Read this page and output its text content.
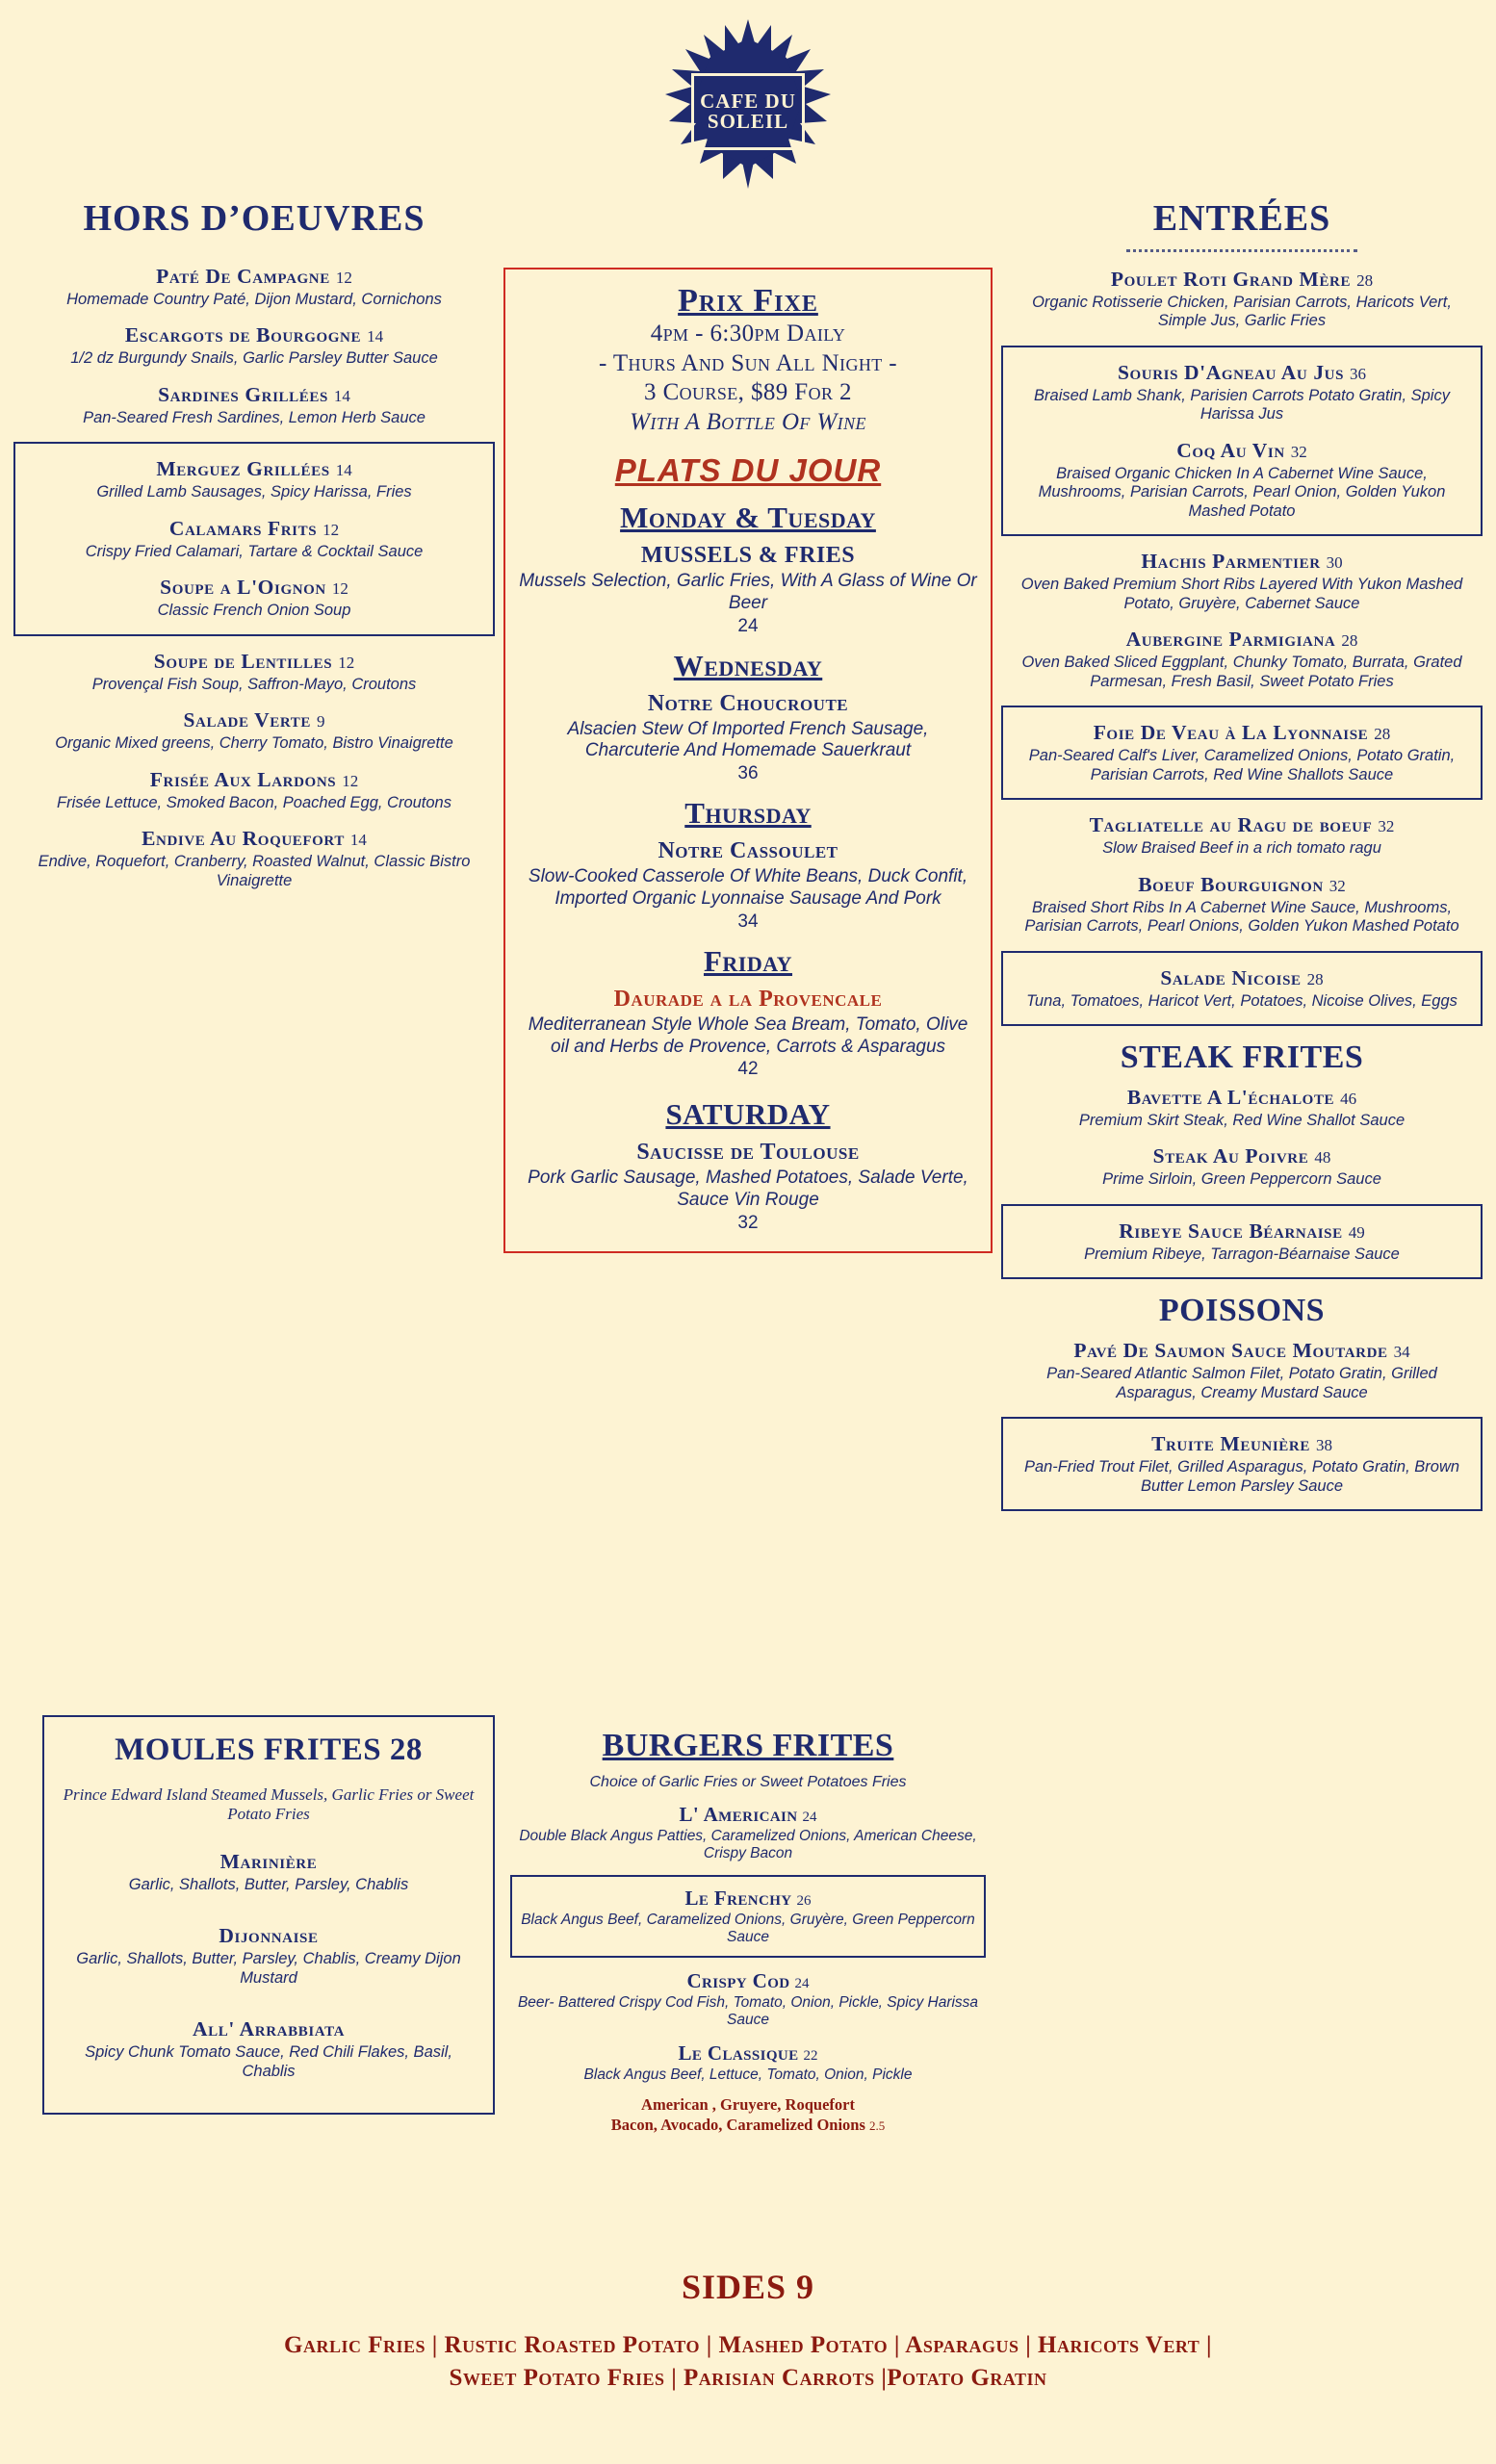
CAFE DU
SOLEIL
HORS D’OEUVRES
Paté De Campagne 12
Homemade Country Paté, Dijon Mustard, Cornichons
Escargots de Bourgogne 14
1/2 dz Burgundy Snails, Garlic Parsley Butter Sauce
Sardines Grillées 14
Pan-Seared Fresh Sardines, Lemon Herb Sauce
Merguez Grillées 14
Grilled Lamb Sausages, Spicy Harissa, Fries
Calamars Frits 12
Crispy Fried Calamari, Tartare & Cocktail Sauce
Soupe a L'Oignon 12
Classic French Onion Soup
Soupe de Lentilles 12
Provençal Fish Soup, Saffron-Mayo, Croutons
Salade Verte 9
Organic Mixed greens, Cherry Tomato, Bistro Vinaigrette
Frisée Aux Lardons 12
Frisée Lettuce, Smoked Bacon, Poached Egg, Croutons
Endive Au Roquefort 14
Endive, Roquefort, Cranberry, Roasted Walnut, Classic Bistro Vinaigrette
Prix Fixe
4pm - 6:30pm Daily
- Thurs And Sun All Night -
3 Course, $89 For 2
With A Bottle Of Wine
PLATS DU JOUR
Monday & Tuesday
MUSSELS & FRIES
Mussels Selection, Garlic Fries, With A Glass of Wine Or Beer
24
Wednesday
Notre Choucroute
Alsacien Stew Of Imported French Sausage, Charcuterie And Homemade Sauerkraut
36
Thursday
Notre Cassoulet
Slow-Cooked Casserole Of White Beans, Duck Confit, Imported Organic Lyonnaise Sausage And Pork
34
Friday
Daurade a la Provencale
Mediterranean Style Whole Sea Bream, Tomato, Olive oil and Herbs de Provence, Carrots & Asparagus
42
SATURDAY
Saucisse de Toulouse
Pork Garlic Sausage, Mashed Potatoes, Salade Verte, Sauce Vin Rouge
32
ENTRÉES
Poulet Roti Grand Mère 28
Organic Rotisserie Chicken, Parisian Carrots, Haricots Vert, Simple Jus, Garlic Fries
Souris D'Agneau Au Jus 36
Braised Lamb Shank, Parisien Carrots Potato Gratin, Spicy Harissa Jus
Coq Au Vin 32
Braised Organic Chicken In A Cabernet Wine Sauce, Mushrooms, Parisian Carrots, Pearl Onion, Golden Yukon Mashed Potato
Hachis Parmentier 30
Oven Baked Premium Short Ribs Layered With Yukon Mashed Potato, Gruyère, Cabernet Sauce
Aubergine Parmigiana 28
Oven Baked Sliced Eggplant, Chunky Tomato, Burrata, Grated Parmesan, Fresh Basil, Sweet Potato Fries
Foie De Veau à La Lyonnaise 28
Pan-Seared Calf's Liver, Caramelized Onions, Potato Gratin, Parisian Carrots, Red Wine Shallots Sauce
Tagliatelle au Ragu de boeuf 32
Slow Braised Beef in a rich tomato ragu
Boeuf Bourguignon 32
Braised Short Ribs In A Cabernet Wine Sauce, Mushrooms, Parisian Carrots, Pearl Onions, Golden Yukon Mashed Potato
Salade Nicoise 28
Tuna, Tomatoes, Haricot Vert, Potatoes, Nicoise Olives, Eggs
STEAK FRITES
Bavette A L'échalote 46
Premium Skirt Steak, Red Wine Shallot Sauce
Steak Au Poivre 48
Prime Sirloin, Green Peppercorn Sauce
Ribeye Sauce Béarnaise 49
Premium Ribeye, Tarragon-Béarnaise Sauce
POISSONS
Pavé De Saumon Sauce Moutarde 34
Pan-Seared Atlantic Salmon Filet, Potato Gratin, Grilled Asparagus, Creamy Mustard Sauce
Truite Meunière 38
Pan-Fried Trout Filet, Grilled Asparagus, Potato Gratin, Brown Butter Lemon Parsley Sauce
MOULES FRITES 28
Prince Edward Island Steamed Mussels, Garlic Fries or Sweet Potato Fries
Marinière
Garlic, Shallots, Butter, Parsley, Chablis
Dijonnaise
Garlic, Shallots, Butter, Parsley, Chablis, Creamy Dijon Mustard
All' Arrabbiata
Spicy Chunk Tomato Sauce, Red Chili Flakes, Basil, Chablis
BURGERS FRITES
Choice of Garlic Fries or Sweet Potatoes Fries
L' Americain 24
Double Black Angus Patties, Caramelized Onions, American Cheese, Crispy Bacon
Le Frenchy 26
Black Angus Beef, Caramelized Onions, Gruyère, Green Peppercorn Sauce
Crispy Cod 24
Beer- Battered Crispy Cod Fish, Tomato, Onion, Pickle, Spicy Harissa Sauce
Le Classique 22
Black Angus Beef, Lettuce, Tomato, Onion, Pickle
American , Gruyere, Roquefort
Bacon, Avocado, Caramelized Onions 2.5
SIDES 9
Garlic Fries | Rustic Roasted Potato | Mashed Potato | Asparagus | Haricots Vert |
Sweet Potato Fries | Parisian Carrots |Potato Gratin
